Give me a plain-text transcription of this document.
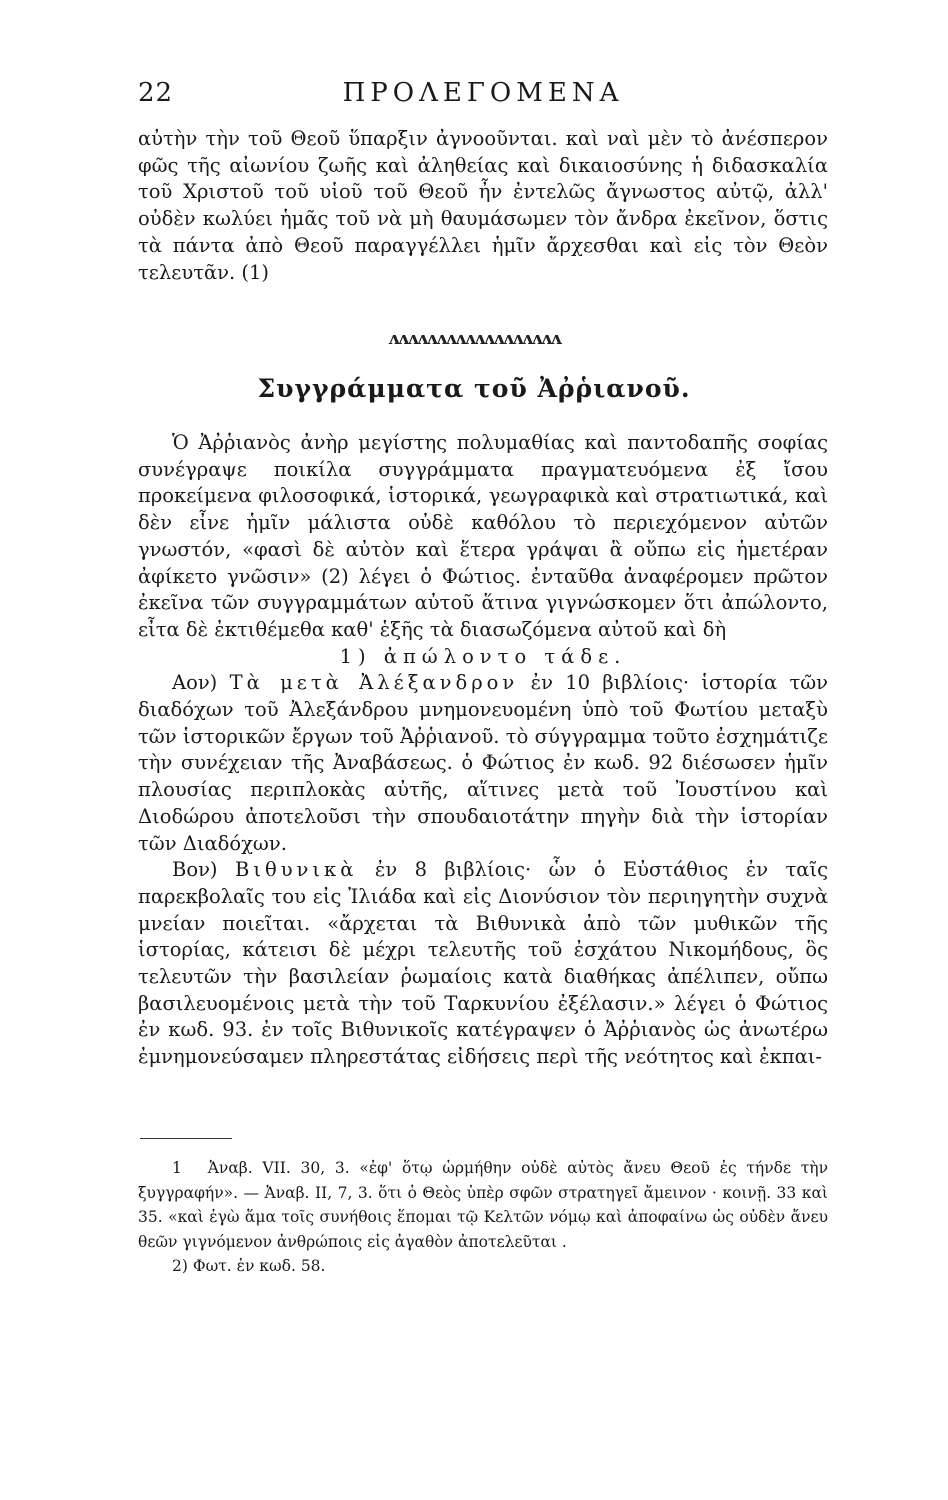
22	ΠΡΟΛΕΓΟΜΕΝΑ

αὐτὴν τὴν τοῦ Θεοῦ ὕπαρξιν ἀγνοοῦνται. καὶ ναὶ μὲν τὸ ἀνέσπερον φῶς τῆς αἰωνίου ζωῆς καὶ ἀληθείας καὶ δικαιοσύνης ἡ διδασκαλία τοῦ Χριστοῦ τοῦ υἱοῦ τοῦ Θεοῦ ἦν ἐντελῶς ἄγνωστος αὐτῷ, ἀλλ' οὐδὲν κωλύει ἡμᾶς τοῦ νὰ μὴ θαυμάσωμεν τὸν ἄνδρα ἐκεῖνον, ὅστις τὰ πάντα ἀπὸ Θεοῦ παραγγέλλει ἡμῖν ἄρχεσθαι καὶ εἰς τὸν Θεὸν τελευτᾶν. (1)

ᴧᴧᴧᴧᴧᴧᴧᴧᴧᴧᴧᴧᴧᴧᴧᴧᴧᴧ
Συγγράμματα τοῦ Ἀῤῥιανοῦ.

Ὁ Ἀῤῥιανὸς ἀνὴρ μεγίστης πολυμαθίας καὶ παντοδαπῆς σοφίας συνέγραψε ποικίλα συγγράμματα πραγματευόμενα ἐξ ἴσου προκείμενα φιλοσοφικά, ἱστορικά, γεωγραφικὰ καὶ στρατιωτικά, καὶ δὲν εἶνε ἡμῖν μάλιστα οὐδὲ καθόλου τὸ περιεχόμενον αὐτῶν γνωστόν, «φασὶ δὲ αὐτὸν καὶ ἕτερα γράψαι ἃ οὔπω εἰς ἡμετέραν ἀφίκετο γνῶσιν» (2) λέγει ὁ Φώτιος. ἐνταῦθα ἀναφέρομεν πρῶτον ἐκεῖνα τῶν συγγραμμάτων αὐτοῦ ἅτινα γιγνώσκομεν ὅτι ἀπώλοντο, εἶτα δὲ ἐκτιθέμεθα καθ' ἑξῆς τὰ διασωζόμενα αὐτοῦ καὶ δὴ

1) ἀπώλοντο τάδε.

Αον) Τὰ μετὰ Ἀλέξανδρον ἐν 10 βιβλίοις· ἱστορία τῶν διαδόχων τοῦ Ἀλεξάνδρου μνημονευομένη ὑπὸ τοῦ Φωτίου μεταξὺ τῶν ἱστορικῶν ἔργων τοῦ Ἀῤῥιανοῦ. τὸ σύγγραμμα τοῦτο ἐσχημάτιζε τὴν συνέχειαν τῆς Ἀναβάσεως. ὁ Φώτιος ἐν κωδ. 92 διέσωσεν ἡμῖν πλουσίας περιπλοκὰς αὐτῆς, αἵτινες μετὰ τοῦ Ἰουστίνου καὶ Διοδώρου ἀποτελοῦσι τὴν σπουδαιοτάτην πηγὴν διὰ τὴν ἱστορίαν τῶν Διαδόχων.

Βον) Βιθυνικὰ ἐν 8 βιβλίοις· ὧν ὁ Εὐστάθιος ἐν ταῖς παρεκβολαῖς του εἰς Ἰλιάδα καὶ εἰς Διονύσιον τὸν περιηγητὴν συχνὰ μνείαν ποιεῖται. «ἄρχεται τὰ Βιθυνικὰ ἀπὸ τῶν μυθικῶν τῆς ἱστορίας, κάτεισι δὲ μέχρι τελευτῆς τοῦ ἐσχάτου Νικομήδους, ὃς τελευτῶν τὴν βασιλείαν ῥωμαίοις κατὰ διαθήκας ἀπέλιπεν, οὔπω βασιλευομένοις μετὰ τὴν τοῦ Ταρκυνίου ἐξέλασιν.» λέγει ὁ Φώτιος ἐν κωδ. 93. ἐν τοῖς Βιθυνικοῖς κατέγραψεν ὁ Ἀῤῥιανὸς ὡς ἀνωτέρω ἐμνημονεύσαμεν πληρεστάτας εἰδήσεις περὶ τῆς νεότητος καὶ ἐκπαι-

1 Ἀναβ. VII. 30, 3. «ἐφ' ὅτῳ ὡρμήθην οὐδὲ αὐτὸς ἄνευ Θεοῦ ἐς τήνδε τὴν ξυγγραφήν». — Ἀναβ. II, 7, 3. ὅτι ὁ Θεὸς ὑπὲρ σφῶν στρατηγεῖ ἄμεινον · κοινῇ. 33 καὶ 35. «καὶ ἐγὼ ἅμα τοῖς συνήθοις ἕπομαι τῷ Κελτῶν νόμῳ καὶ ἀποφαίνω ὡς οὐδὲν ἄνευ θεῶν γιγνόμενον ἀνθρώποις εἰς ἀγαθὸν ἀποτελεῦται .

2) Φωτ. ἐν κωδ. 58.
